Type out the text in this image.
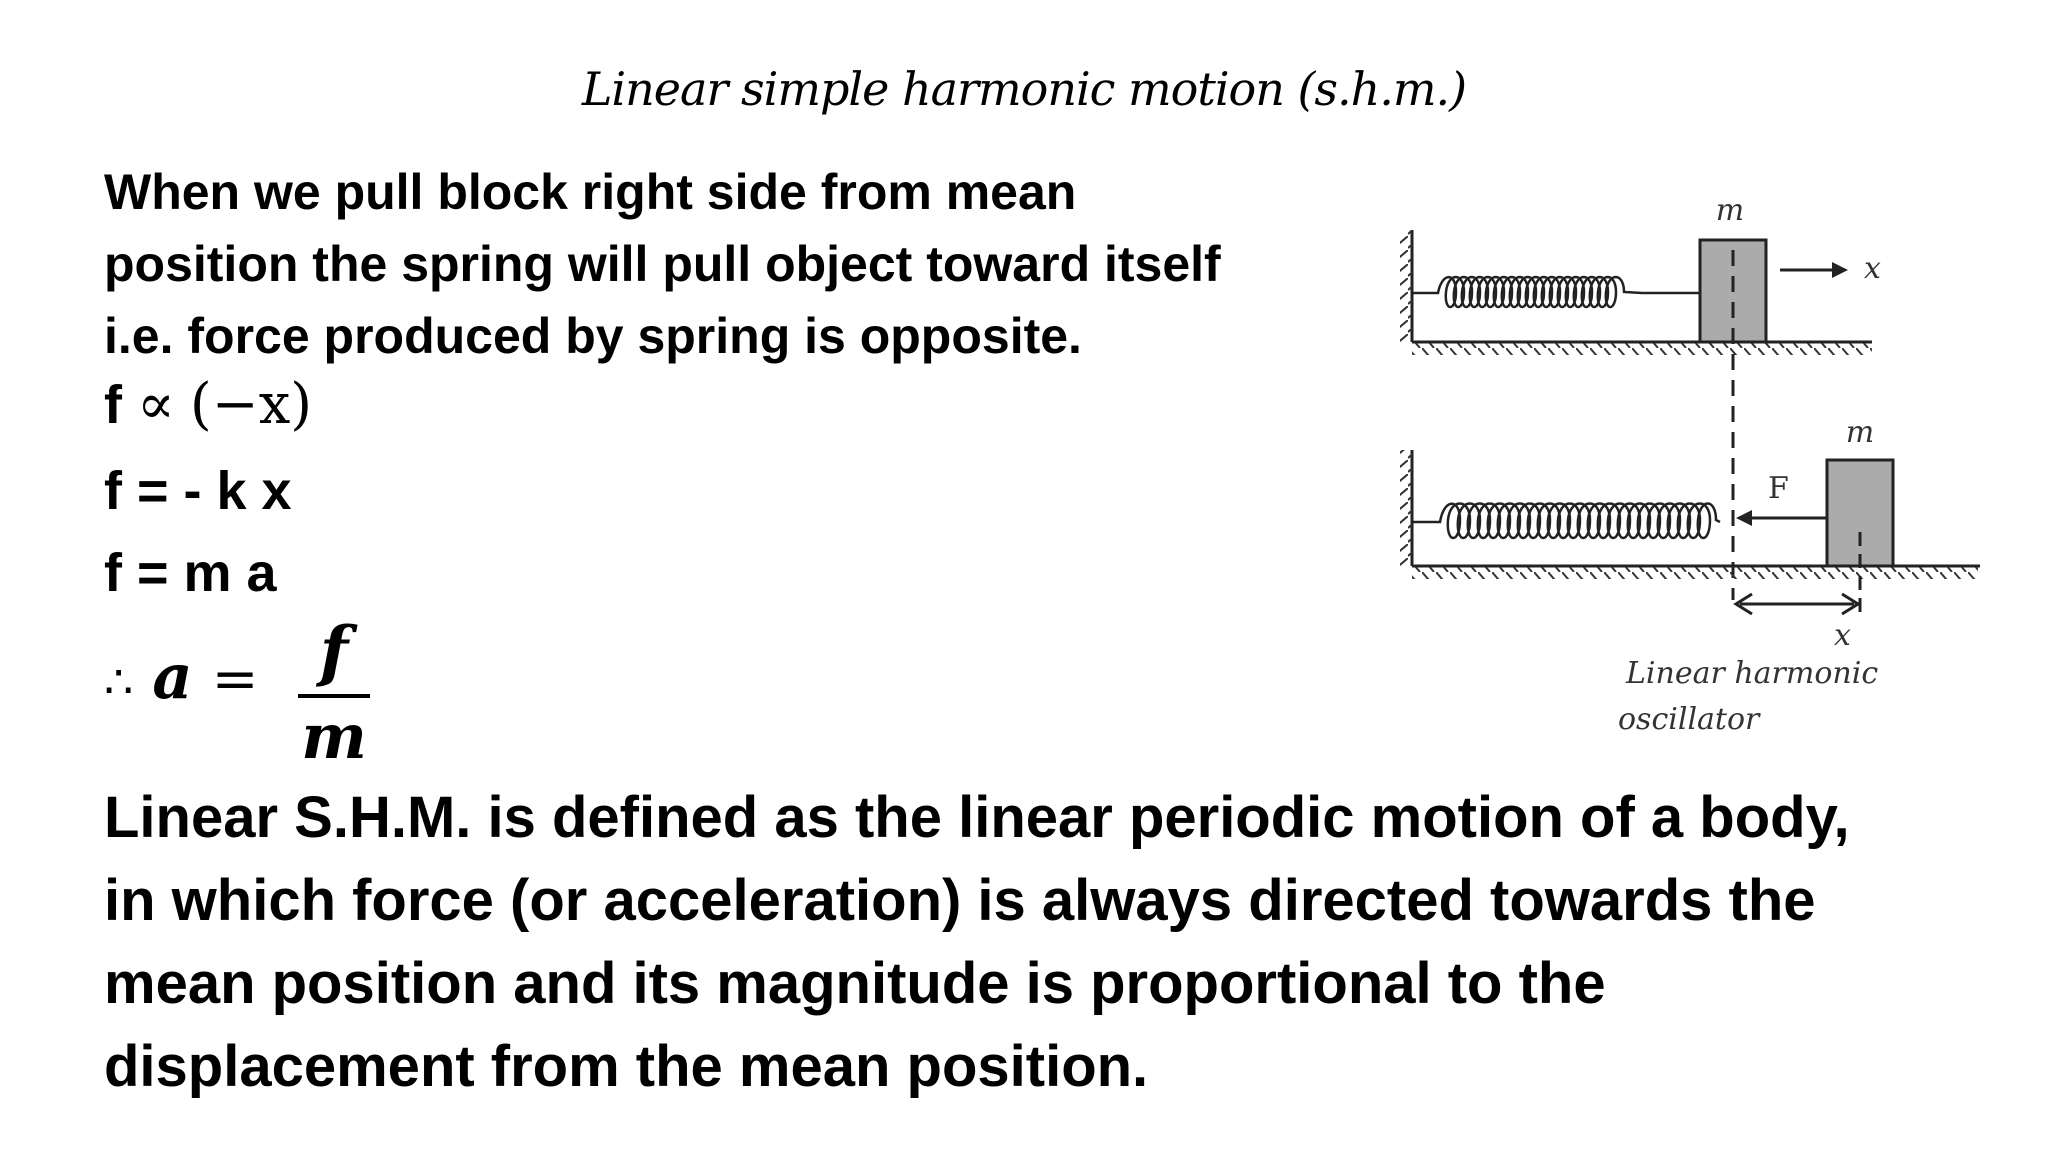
Linear simple harmonic motion (s.h.m.)
When we pull block right side from mean
position the spring will pull object toward itself
i.e. force produced by spring is opposite.
f ∝ (−x)
f = - k x
f = m a
∴ a = f
m
m
x
F
m
x
Linear harmonic
oscillator
Linear S.H.M. is defined as the linear periodic motion of a body,
in which force (or acceleration) is always directed towards the
mean position and its magnitude is proportional to the
displacement from the mean position.
